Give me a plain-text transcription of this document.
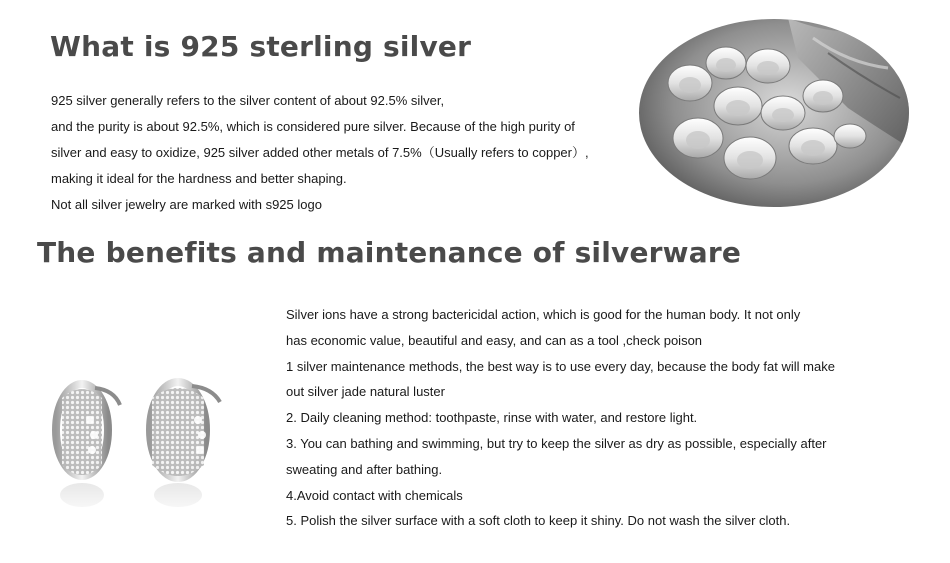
What is 925 sterling silver
925 silver generally refers to the silver content of about 92.5% silver,
and the purity is about 92.5%, which is considered pure silver. Because of the high purity of
silver and easy to oxidize, 925 silver added other metals of 7.5%（Usually refers to copper）,
making it ideal for the hardness and better shaping.
Not all silver jewelry are marked with s925 logo
The benefits and maintenance of silverware
Silver ions have a strong bactericidal action, which is good for the human body. It not only
has economic value, beautiful and easy, and can as a tool ,check poison
1 silver maintenance methods, the best way is to use every day, because the body fat will make
out silver jade natural luster
2. Daily cleaning method: toothpaste, rinse with water, and restore light.
3. You can bathing and swimming, but try to keep the silver as dry as possible, especially after
sweating and after bathing.
4.Avoid contact with chemicals
5. Polish the silver surface with a soft cloth to keep it shiny. Do not wash the silver cloth.
